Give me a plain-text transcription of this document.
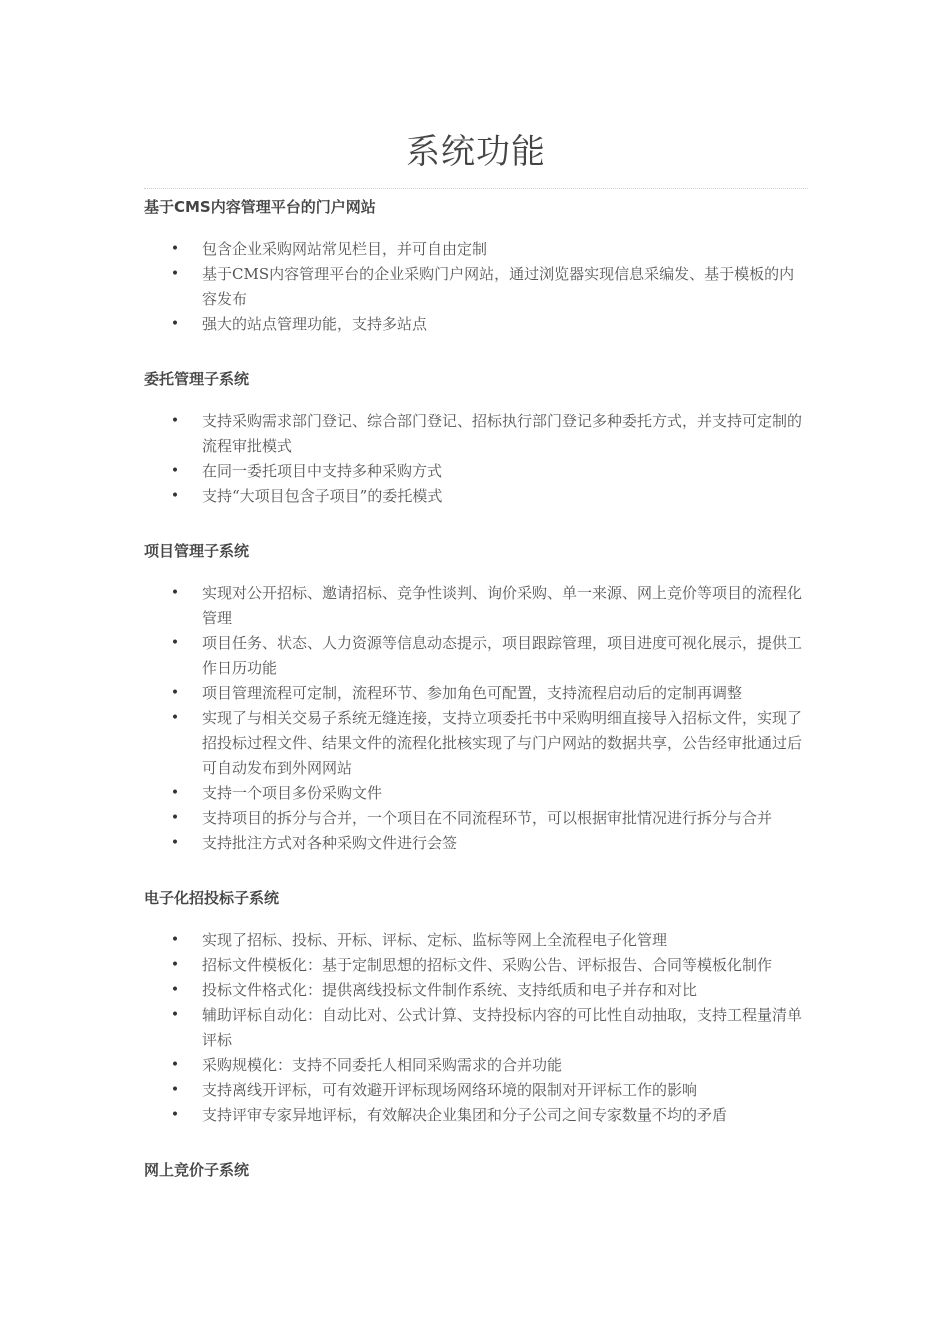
系统功能
基于CMS内容管理平台的门户网站
• 包含企业采购网站常见栏目，并可自由定制
• 基于CMS内容管理平台的企业采购门户网站，通过浏览器实现信息采编发、基于模板的内容发布
• 强大的站点管理功能，支持多站点
委托管理子系统
• 支持采购需求部门登记、综合部门登记、招标执行部门登记多种委托方式，并支持可定制的流程审批模式
• 在同一委托项目中支持多种采购方式
• 支持“大项目包含子项目”的委托模式
项目管理子系统
• 实现对公开招标、邀请招标、竞争性谈判、询价采购、单一来源、网上竞价等项目的流程化管理
• 项目任务、状态、人力资源等信息动态提示，项目跟踪管理，项目进度可视化展示，提供工作日历功能
• 项目管理流程可定制，流程环节、参加角色可配置，支持流程启动后的定制再调整
• 实现了与相关交易子系统无缝连接，支持立项委托书中采购明细直接导入招标文件，实现了招投标过程文件、结果文件的流程化批核实现了与门户网站的数据共享，公告经审批通过后可自动发布到外网网站
• 支持一个项目多份采购文件
• 支持项目的拆分与合并，一个项目在不同流程环节，可以根据审批情况进行拆分与合并
• 支持批注方式对各种采购文件进行会签
电子化招投标子系统
• 实现了招标、投标、开标、评标、定标、监标等网上全流程电子化管理
• 招标文件模板化：基于定制思想的招标文件、采购公告、评标报告、合同等模板化制作
• 投标文件格式化：提供离线投标文件制作系统、支持纸质和电子并存和对比
• 辅助评标自动化：自动比对、公式计算、支持投标内容的可比性自动抽取，支持工程量清单评标
• 采购规模化：支持不同委托人相同采购需求的合并功能
• 支持离线开评标，可有效避开评标现场网络环境的限制对开评标工作的影响
• 支持评审专家异地评标，有效解决企业集团和分子公司之间专家数量不均的矛盾
网上竞价子系统
